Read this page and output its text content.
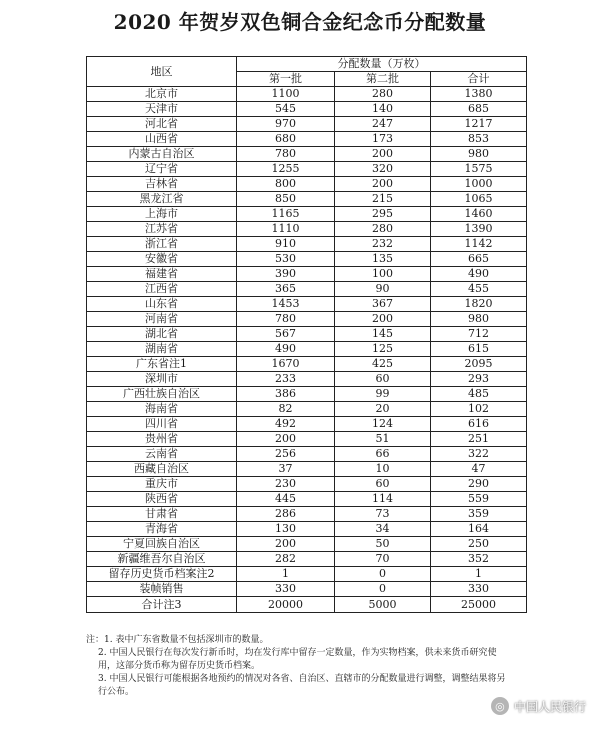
2020 年贺岁双色铜合金纪念币分配数量
地区	分配数量（万枚）		
	第一批	第二批	合计
北京市	1100	280	1380
天津市	545	140	685
河北省	970	247	1217
山西省	680	173	853
内蒙古自治区	780	200	980
辽宁省	1255	320	1575
吉林省	800	200	1000
黑龙江省	850	215	1065
上海市	1165	295	1460
江苏省	1110	280	1390
浙江省	910	232	1142
安徽省	530	135	665
福建省	390	100	490
江西省	365	90	455
山东省	1453	367	1820
河南省	780	200	980
湖北省	567	145	712
湖南省	490	125	615
广东省注1	1670	425	2095
深圳市	233	60	293
广西壮族自治区	386	99	485
海南省	82	20	102
四川省	492	124	616
贵州省	200	51	251
云南省	256	66	322
西藏自治区	37	10	47
重庆市	230	60	290
陕西省	445	114	559
甘肃省	286	73	359
青海省	130	34	164
宁夏回族自治区	200	50	250
新疆维吾尔自治区	282	70	352
留存历史货币档案注2	1	0	1
装帧销售	330	0	330
合计注3	20000	5000	25000
注：1. 表中广东省数量不包括深圳市的数量。
2. 中国人民银行在每次发行新币时，均在发行库中留存一定数量，作为实物档案，供未来货币研究使
用，这部分货币称为留存历史货币档案。
3. 中国人民银行可能根据各地预约的情况对各省、自治区、直辖市的分配数量进行调整，调整结果将另
行公布。
◎ 中国人民银行
